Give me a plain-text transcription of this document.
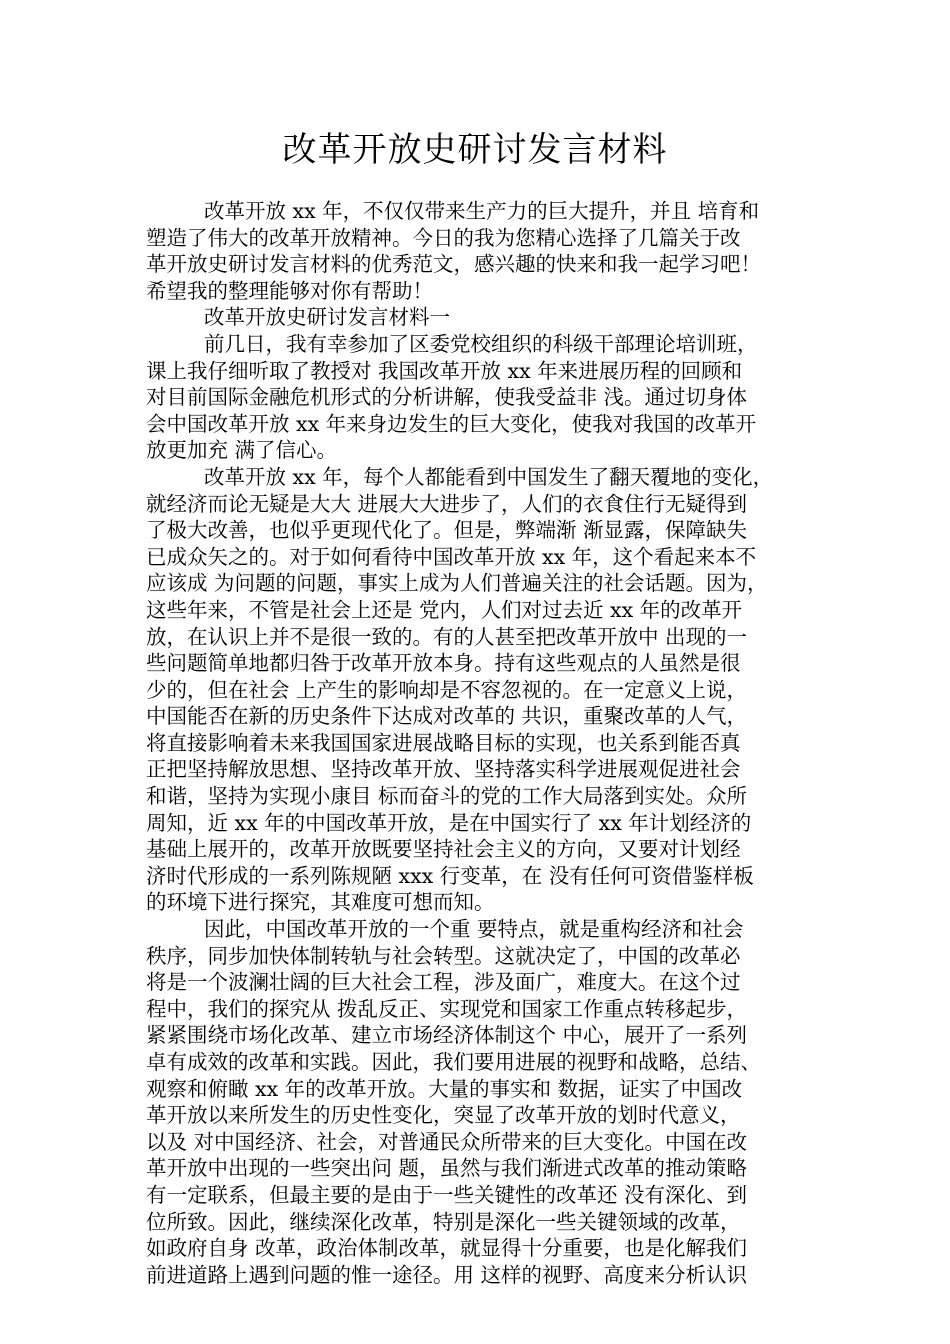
改革开放史研讨发言材料
改革开放 xx 年，不仅仅带来生产力的巨大提升，并且 培育和
塑造了伟大的改革开放精神。今日的我为您精心选择了几篇关于改
革开放史研讨发言材料的优秀范文，感兴趣的快来和我一起学习吧！
希望我的整理能够对你有帮助！
改革开放史研讨发言材料一
前几日，我有幸参加了区委党校组织的科级干部理论培训班，
课上我仔细听取了教授对 我国改革开放 xx 年来进展历程的回顾和
对目前国际金融危机形式的分析讲解，使我受益非 浅。通过切身体
会中国改革开放 xx 年来身边发生的巨大变化，使我对我国的改革开
放更加充 满了信心。
改革开放 xx 年，每个人都能看到中国发生了翻天覆地的变化，
就经济而论无疑是大大 进展大大进步了，人们的衣食住行无疑得到
了极大改善，也似乎更现代化了。但是，弊端渐 渐显露，保障缺失
已成众矢之的。对于如何看待中国改革开放 xx 年，这个看起来本不
应该成 为问题的问题，事实上成为人们普遍关注的社会话题。因为，
这些年来，不管是社会上还是 党内，人们对过去近 xx 年的改革开
放，在认识上并不是很一致的。有的人甚至把改革开放中 出现的一
些问题简单地都归咎于改革开放本身。持有这些观点的人虽然是很
少的，但在社会 上产生的影响却是不容忽视的。在一定意义上说，
中国能否在新的历史条件下达成对改革的 共识，重聚改革的人气，
将直接影响着未来我国国家进展战略目标的实现，也关系到能否真
正把坚持解放思想、坚持改革开放、坚持落实科学进展观促进社会
和谐，坚持为实现小康目 标而奋斗的党的工作大局落到实处。众所
周知，近 xx 年的中国改革开放，是在中国实行了 xx 年计划经济的
基础上展开的，改革开放既要坚持社会主义的方向，又要对计划经
济时代形成的一系列陈规陋 xxx 行变革，在 没有任何可资借鉴样板
的环境下进行探究，其难度可想而知。
因此，中国改革开放的一个重 要特点，就是重构经济和社会
秩序，同步加快体制转轨与社会转型。这就决定了，中国的改革必
将是一个波澜壮阔的巨大社会工程，涉及面广，难度大。在这个过
程中，我们的探究从 拨乱反正、实现党和国家工作重点转移起步，
紧紧围绕市场化改革、建立市场经济体制这个 中心，展开了一系列
卓有成效的改革和实践。因此，我们要用进展的视野和战略，总结、
观察和俯瞰 xx 年的改革开放。大量的事实和 数据，证实了中国改
革开放以来所发生的历史性变化，突显了改革开放的划时代意义，
以及 对中国经济、社会，对普通民众所带来的巨大变化。中国在改
革开放中出现的一些突出问 题，虽然与我们渐进式改革的推动策略
有一定联系，但最主要的是由于一些关键性的改革还 没有深化、到
位所致。因此，继续深化改革，特别是深化一些关键领域的改革，
如政府自身 改革，政治体制改革，就显得十分重要，也是化解我们
前进道路上遇到问题的惟一途径。用 这样的视野、高度来分析认识
